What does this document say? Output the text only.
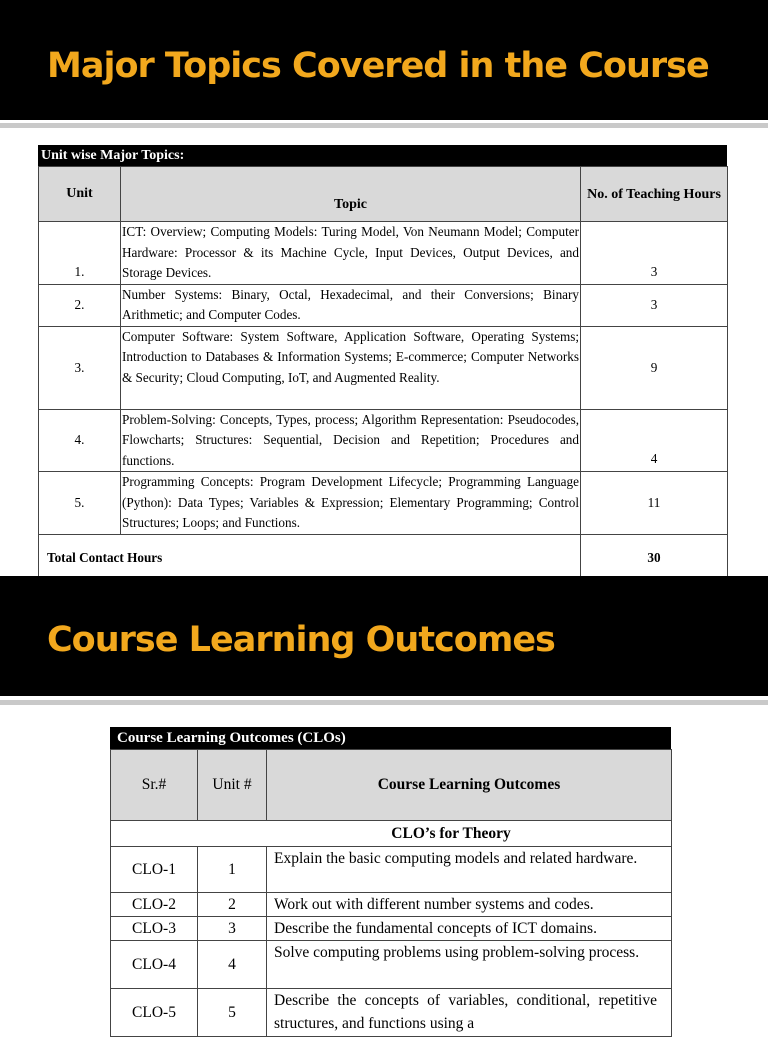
Major Topics Covered in the Course
Unit wise Major Topics:
Unit	Topic	No. of Teaching Hours
1.	ICT: Overview; Computing Models: Turing Model, Von Neumann Model; Computer Hardware: Processor & its Machine Cycle, Input Devices, Output Devices, and Storage Devices.	3
2.	Number Systems: Binary, Octal, Hexadecimal, and their Conversions; Binary Arithmetic; and Computer Codes.	3
3.	Computer Software: System Software, Application Software, Operating Systems; Introduction to Databases & Information Systems; E-commerce; Computer Networks & Security; Cloud Computing, IoT, and Augmented Reality.	9
4.	Problem-Solving: Concepts, Types, process; Algorithm Representation: Pseudocodes, Flowcharts; Structures: Sequential, Decision and Repetition; Procedures and functions.	4
5.	Programming Concepts: Program Development Lifecycle; Programming Language (Python): Data Types; Variables & Expression; Elementary Programming; Control Structures; Loops; and Functions.	11
Total Contact Hours		30
Course Learning Outcomes
Course Learning Outcomes (CLOs)
Sr.#	Unit #	Course Learning Outcomes
CLO’s for Theory		
CLO-1	1	Explain the basic computing models and related hardware.
CLO-2	2	Work out with different number systems and codes.
CLO-3	3	Describe the fundamental concepts of ICT domains.
CLO-4	4	Solve computing problems using problem-solving process.
CLO-5	5	Describe the concepts of variables, conditional, repetitive structures, and functions using a
